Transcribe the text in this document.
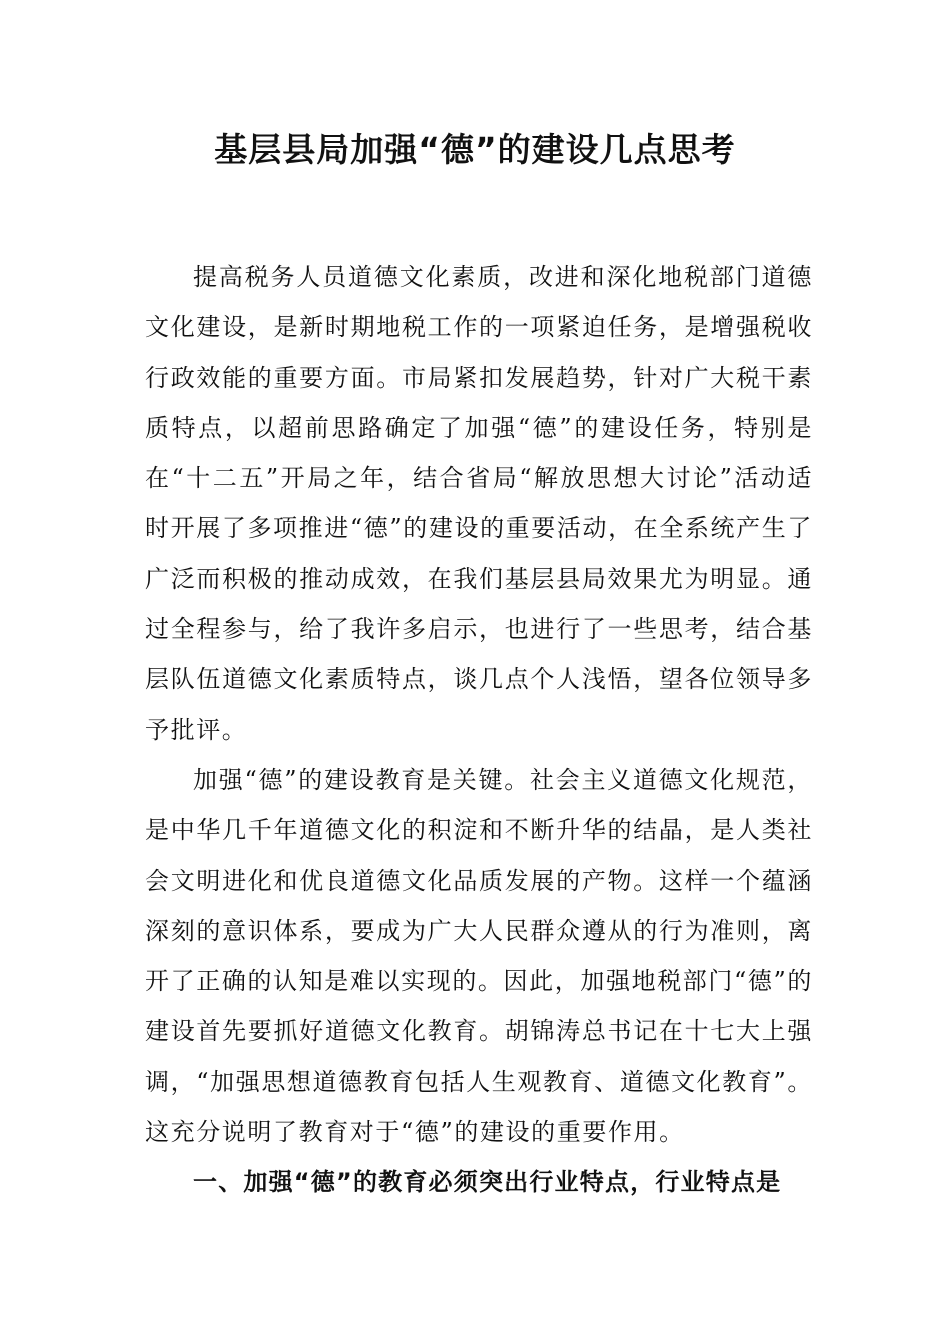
基层县局加强“德”的建设几点思考

提高税务人员道德文化素质，改进和深化地税部门道德文化建设，是新时期地税工作的一项紧迫任务，是增强税收行政效能的重要方面。市局紧扣发展趋势，针对广大税干素质特点，以超前思路确定了加强“德”的建设任务，特别是在“十二五”开局之年，结合省局“解放思想大讨论”活动适时开展了多项推进“德”的建设的重要活动，在全系统产生了广泛而积极的推动成效，在我们基层县局效果尤为明显。通过全程参与，给了我许多启示，也进行了一些思考，结合基层队伍道德文化素质特点，谈几点个人浅悟，望各位领导多予批评。

加强“德”的建设教育是关键。社会主义道德文化规范，是中华几千年道德文化的积淀和不断升华的结晶，是人类社会文明进化和优良道德文化品质发展的产物。这样一个蕴涵深刻的意识体系，要成为广大人民群众遵从的行为准则，离开了正确的认知是难以实现的。因此，加强地税部门“德”的建设首先要抓好道德文化教育。胡锦涛总书记在十七大上强调，“加强思想道德教育包括人生观教育、道德文化教育”。这充分说明了教育对于“德”的建设的重要作用。

一、加强“德”的教育必须突出行业特点，行业特点是
